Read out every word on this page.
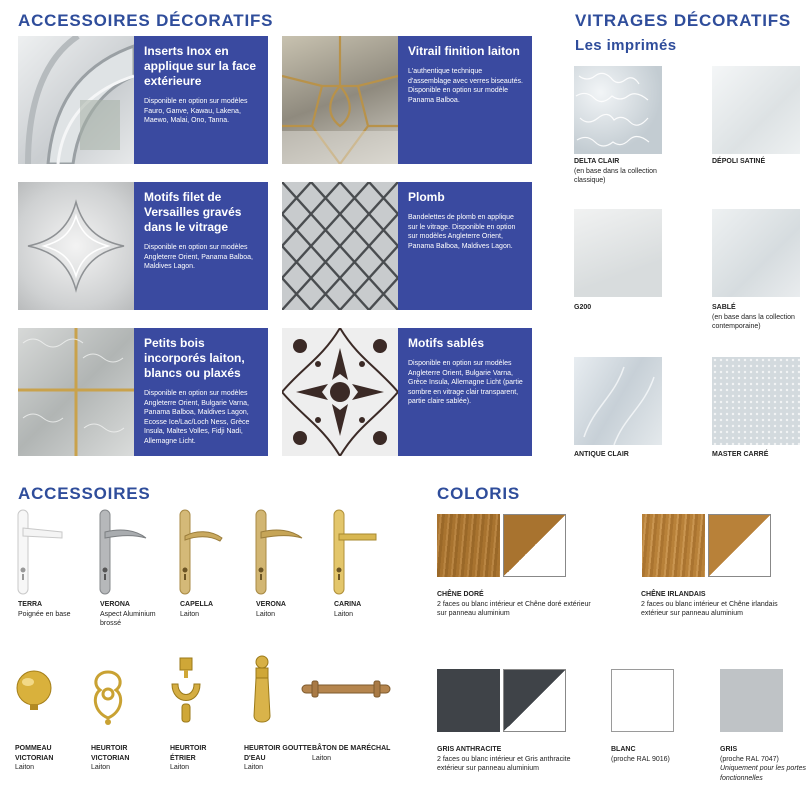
ACCESSOIRES DÉCORATIFS
Inserts Inox en applique sur la face extérieure
Disponible en option sur modèles Fauro, Ganve, Kawau, Lakena, Maewo, Malai, Ono, Tanna.
Vitrail finition laiton
L'authentique technique d'assemblage avec verres biseautés. Disponible en option sur modèle Panama Balboa.
Motifs filet de Versailles gravés dans le vitrage
Disponible en option sur modèles Angleterre Orient, Panama Balboa, Maldives Lagon.
Plomb
Bandelettes de plomb en applique sur le vitrage. Disponible en option sur modèles Angleterre Orient, Panama Balboa, Maldives Lagon.
Petits bois incorporés laiton, blancs ou plaxés
Disponible en option sur modèles Angleterre Orient, Bulgarie Varna, Panama Balboa, Maldives Lagon, Ecosse Ice/Lac/Loch Ness, Grèce Insula, Maltes Volles, Fidji Nadi, Allemagne Licht.
Motifs sablés
Disponible en option sur modèles Angleterre Orient, Bulgarie Varna, Grèce Insula, Allemagne Licht (partie sombre en vitrage clair transparent, partie claire sablée).
VITRAGES DÉCORATIFS
Les imprimés
DELTA CLAIR
(en base dans la collection classique)
DÉPOLI SATINÉ
G200	SABLÉ
(en base dans la collection contemporaine)
ANTIQUE CLAIR	MASTER CARRÉ
ACCESSOIRES
TERRA
Poignée en base
VERONA
Aspect Aluminium brossé
CAPELLA
Laiton
VERONA
Laiton
CARINA
Laiton
POMMEAU VICTORIAN
Laiton
HEURTOIR VICTORIAN
Laiton
HEURTOIR ÉTRIER
Laiton
HEURTOIR GOUTTE D'EAU
Laiton
BÂTON DE MARÉCHAL
Laiton
COLORIS
CHÊNE DORÉ
2 faces ou blanc intérieur et Chêne doré extérieur sur panneau aluminium
CHÊNE IRLANDAIS
2 faces ou blanc intérieur et Chêne irlandais extérieur sur panneau aluminium
GRIS ANTHRACITE
2 faces ou blanc intérieur et Gris anthracite extérieur sur panneau aluminium
BLANC
(proche RAL 9016)
GRIS
(proche RAL 7047)
Uniquement pour les portes fonctionnelles
